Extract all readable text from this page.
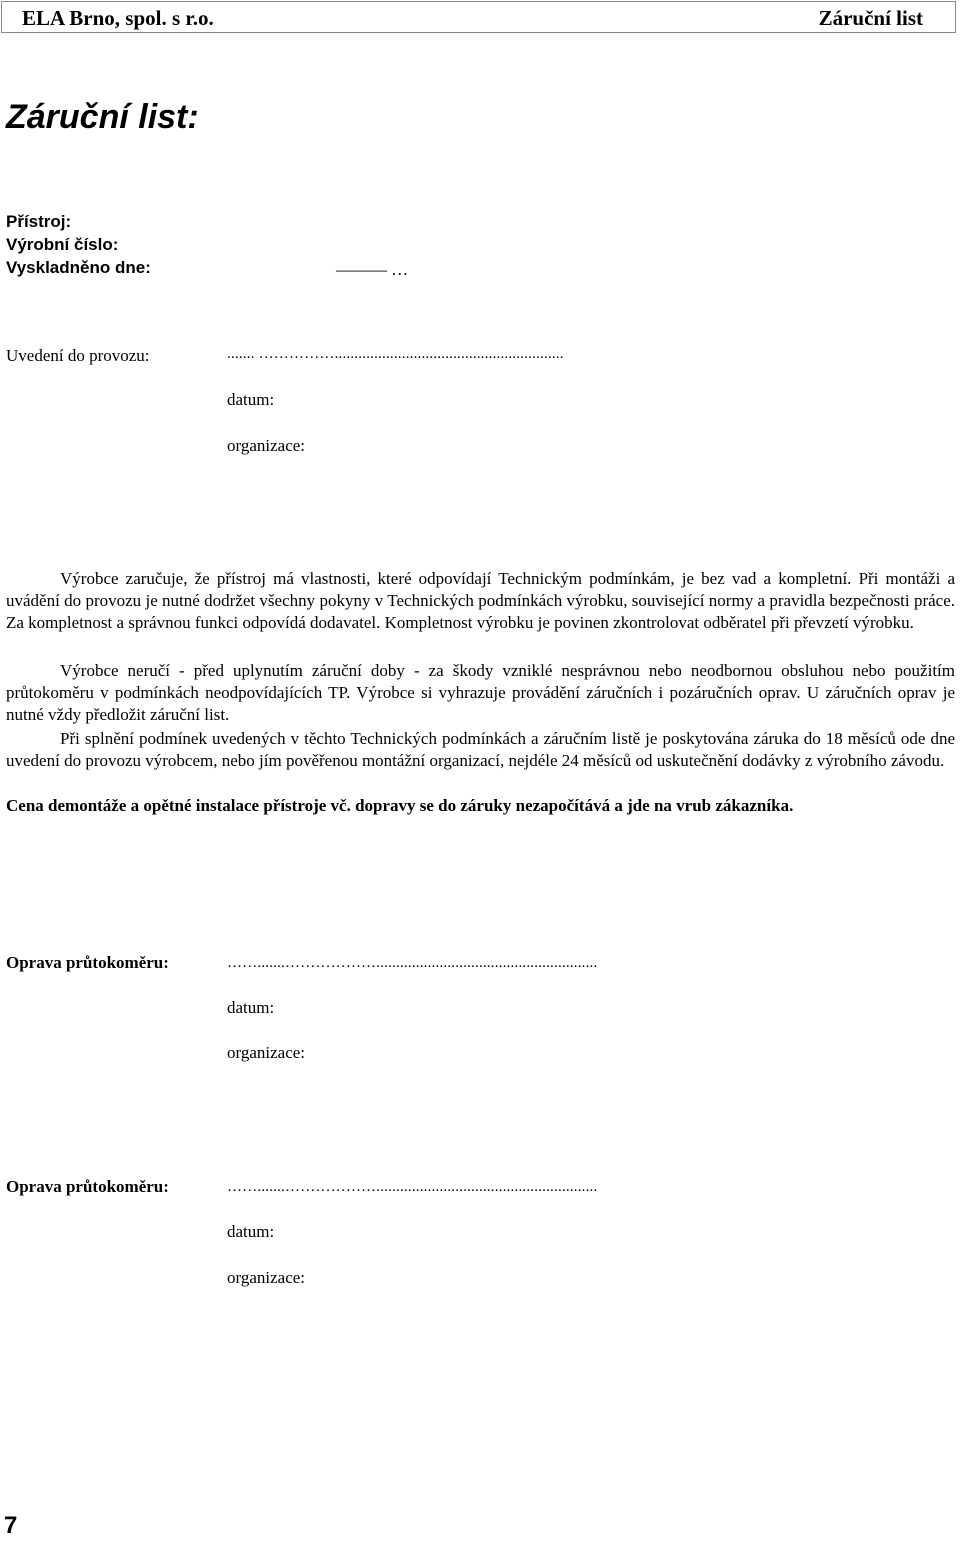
ELA Brno, spol. s r.o.	Záruční list
Záruční list:
Přístroj:
Výrobní číslo:
Vyskladněno dne:	——— …
Uvedení do provozu:	....... ……………..........................................................
datum:
organizace:

Výrobce zaručuje, že přístroj má vlastnosti, které odpovídají Technickým podmínkám, je bez vad a kompletní. Při montáži a uvádění do provozu je nutné dodržet všechny pokyny v Technických podmínkách výrobku, související normy a pravidla bezpečnosti práce. Za kompletnost a správnou funkci odpovídá dodavatel. Kompletnost výrobku je povinen zkontrolovat odběratel při převzetí výrobku.

Výrobce neručí - před uplynutím záruční doby - za škody vzniklé nesprávnou nebo neodbornou obsluhou nebo použitím průtokoměru v podmínkách neodpovídajících TP. Výrobce si vyhrazuje provádění záručních i pozáručních oprav. U záručních oprav je nutné vždy předložit záruční list.

Při splnění podmínek uvedených v těchto Technických podmínkách a záručním listě je poskytována záruka do 18 měsíců ode dne uvedení do provozu výrobcem, nebo jím pověřenou montážní organizací, nejdéle 24 měsíců od uskutečnění dodávky z výrobního závodu.

Cena demontáže a opětné instalace přístroje vč. dopravy se do záruky nezapočítává a jde na vrub zákazníka.

Oprava průtokoměru:	…….......………………........................................................
datum:
organizace:
Oprava průtokoměru:	…….......………………........................................................
datum:
organizace:
7
